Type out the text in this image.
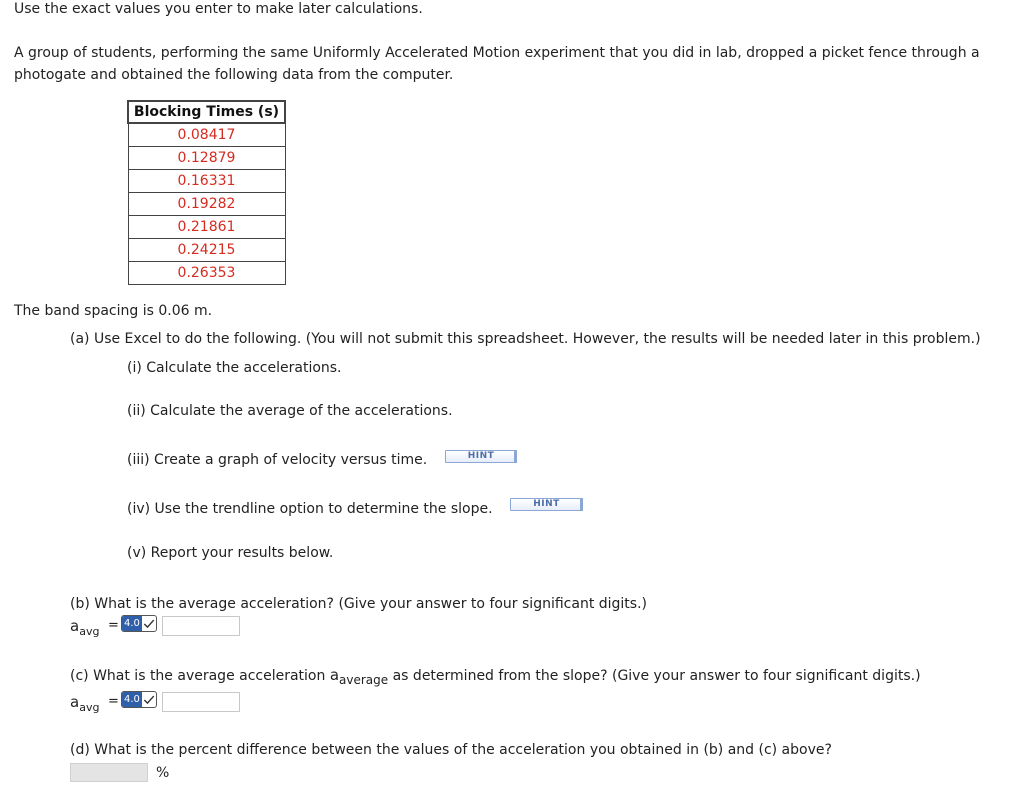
Use the exact values you enter to make later calculations.
A group of students, performing the same Uniformly Accelerated Motion experiment that you did in lab, dropped a picket fence through a
photogate and obtained the following data from the computer.
Blocking Times (s)
0.08417
0.12879
0.16331
0.19282
0.21861
0.24215
0.26353
The band spacing is 0.06 m.
(a) Use Excel to do the following. (You will not submit this spreadsheet. However, the results will be needed later in this problem.)
(i) Calculate the accelerations.
(ii) Calculate the average of the accelerations.
(iii) Create a graph of velocity versus time.	HINT
(iv) Use the trendline option to determine the slope.	HINT
(v) Report your results below.
(b) What is the average acceleration? (Give your answer to four significant digits.)
$a_{avg} = 4.0$
(c) What is the average acceleration $a_{average}$ as determined from the slope? (Give your answer to four significant digits.)
$a_{avg} = 4.0$
(d) What is the percent difference between the values of the acceleration you obtained in (b) and (c) above?
%
